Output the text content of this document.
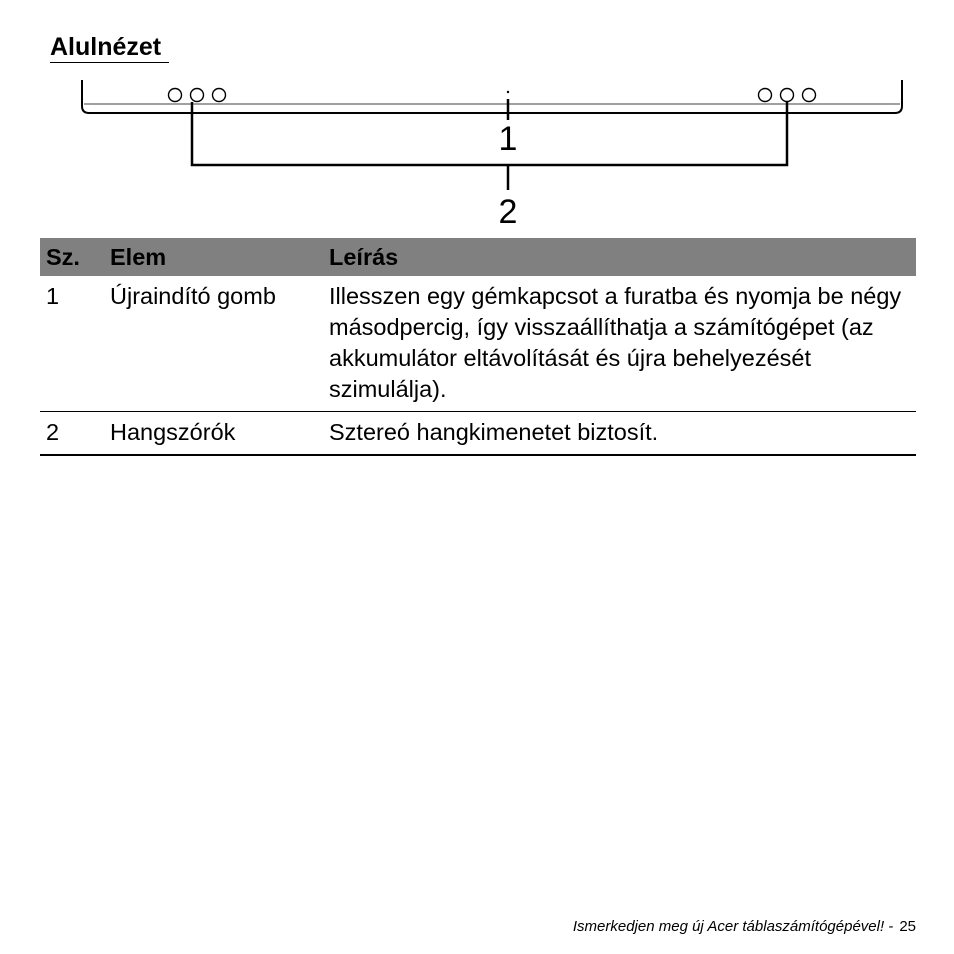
Alulnézet
1
2
Sz.	Elem	Leírás
1	Újraindító gomb	Illesszen egy gémkapcsot a furatba és nyomja be négy másodpercig, így visszaállíthatja a számítógépet (az akkumulátor eltávolítását és újra behelyezését szimulálja).
2	Hangszórók	Sztereó hangkimenetet biztosít.
Ismerkedjen meg új Acer táblaszámítógépével! - 25
